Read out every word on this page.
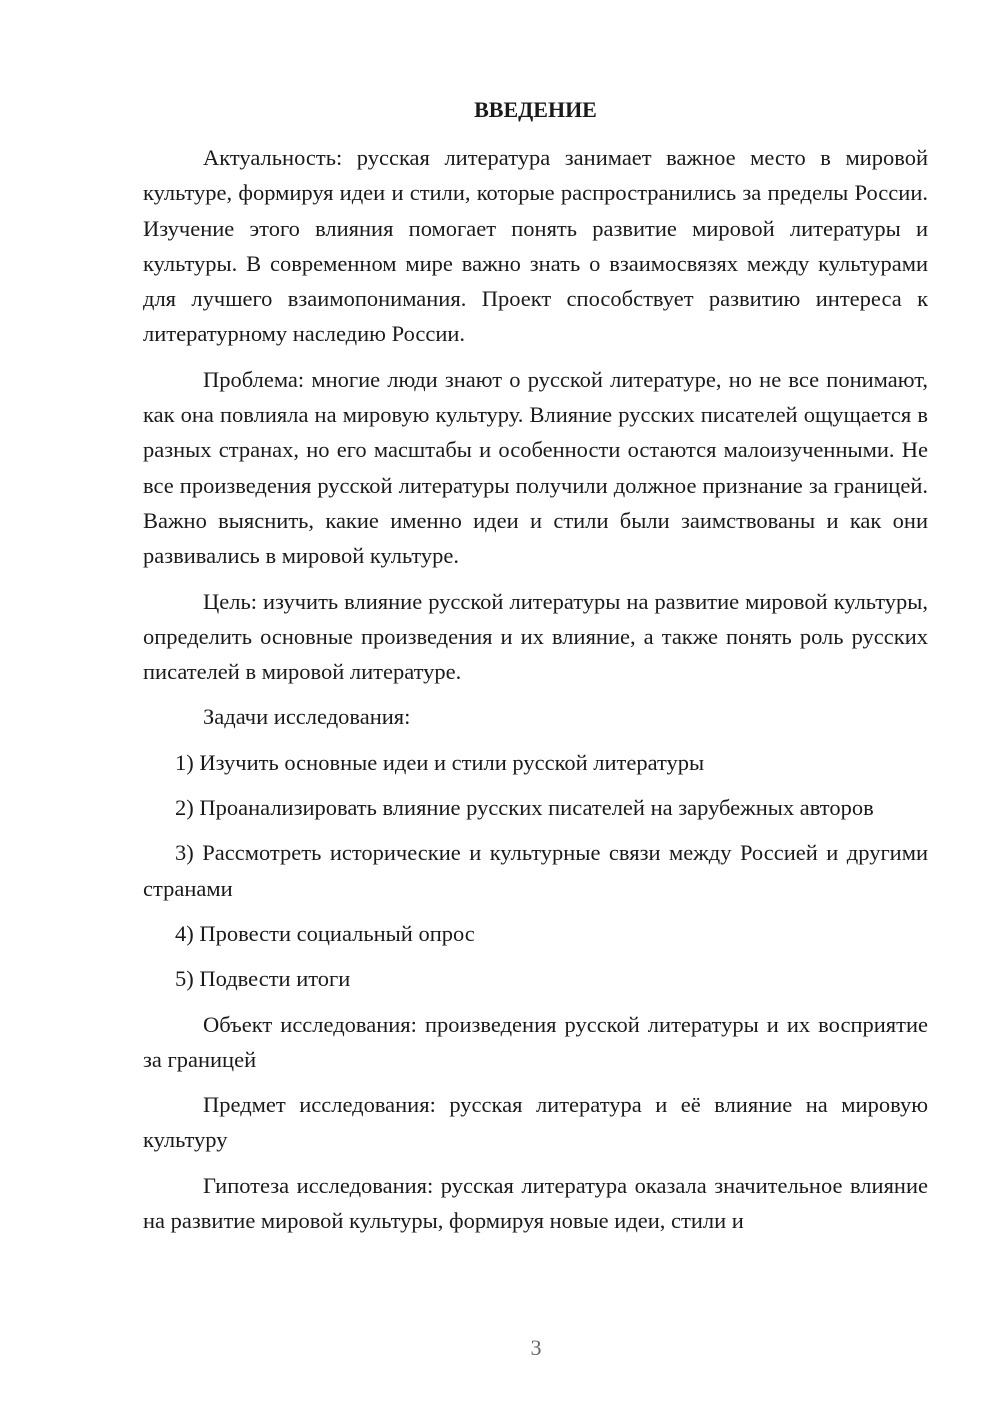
ВВЕДЕНИЕ

Актуальность: русская литература занимает важное место в мировой культуре, формируя идеи и стили, которые распространились за пределы России. Изучение этого влияния помогает понять развитие мировой литературы и культуры. В современном мире важно знать о взаимосвязях между культурами для лучшего взаимопонимания. Проект способствует развитию интереса к литературному наследию России.

Проблема: многие люди знают о русской литературе, но не все понимают, как она повлияла на мировую культуру. Влияние русских писателей ощущается в разных странах, но его масштабы и особенности остаются малоизученными. Не все произведения русской литературы получили должное признание за границей. Важно выяснить, какие именно идеи и стили были заимствованы и как они развивались в мировой культуре.

Цель: изучить влияние русской литературы на развитие мировой культуры, определить основные произведения и их влияние, а также понять роль русских писателей в мировой литературе.

Задачи исследования:

1) Изучить основные идеи и стили русской литературы

2) Проанализировать влияние русских писателей на зарубежных авторов

3) Рассмотреть исторические и культурные связи между Россией и другими странами

4) Провести социальный опрос

5) Подвести итоги

Объект исследования: произведения русской литературы и их восприятие за границей

Предмет исследования: русская литература и её влияние на мировую культуру

Гипотеза исследования: русская литература оказала значительное влияние на развитие мировой культуры, формируя новые идеи, стили и

3
